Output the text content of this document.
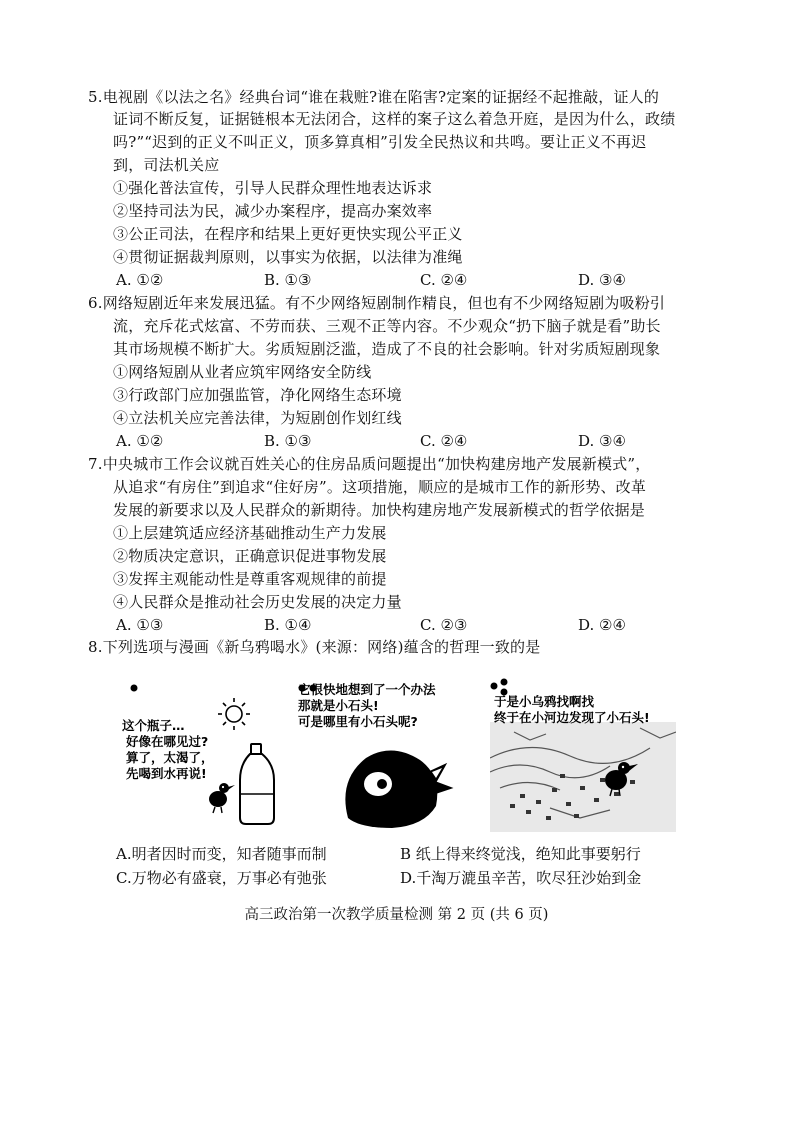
5.电视剧《以法之名》经典台词“谁在栽赃?谁在陷害?定案的证据经不起推敲，证人的
证词不断反复，证据链根本无法闭合，这样的案子这么着急开庭，是因为什么，政绩
吗?”“迟到的正义不叫正义，顶多算真相”引发全民热议和共鸣。要让正义不再迟
到，司法机关应
①强化普法宣传，引导人民群众理性地表达诉求
②坚持司法为民，减少办案程序，提高办案效率
③公正司法，在程序和结果上更好更快实现公平正义
④贯彻证据裁判原则，以事实为依据，以法律为准绳
A. ①②	B. ①③	C. ②④	D. ③④
6.网络短剧近年来发展迅猛。有不少网络短剧制作精良，但也有不少网络短剧为吸粉引
流，充斥花式炫富、不劳而获、三观不正等内容。不少观众“扔下脑子就是看”助长
其市场规模不断扩大。劣质短剧泛滥，造成了不良的社会影响。针对劣质短剧现象
①网络短剧从业者应筑牢网络安全防线
③行政部门应加强监管，净化网络生态环境
④立法机关应完善法律，为短剧创作划红线
A. ①②	B. ①③	C. ②④	D. ③④
7.中央城市工作会议就百姓关心的住房品质问题提出“加快构建房地产发展新模式”，
从追求“有房住”到追求“住好房”。这项措施，顺应的是城市工作的新形势、改革
发展的新要求以及人民群众的新期待。加快构建房地产发展新模式的哲学依据是
①上层建筑适应经济基础推动生产力发展
②物质决定意识，正确意识促进事物发展
③发挥主观能动性是尊重客观规律的前提
④人民群众是推动社会历史发展的决定力量
A. ①③	B. ①④	C. ②③	D. ②④
8.下列选项与漫画《新乌鸦喝水》(来源：网络)蕴含的哲理一致的是
这个瓶子…
好像在哪见过?
算了，太渴了，
先喝到水再说!
它很快地想到了一个办法
那就是小石头!
可是哪里有小石头呢?
于是小乌鸦找啊找
终于在小河边发现了小石头!
A.明者因时而变，知者随事而制	B 纸上得来终觉浅，绝知此事要躬行
C.万物必有盛衰，万事必有弛张	D.千淘万漉虽辛苦，吹尽狂沙始到金
高三政治第一次教学质量检测 第 2 页 (共 6 页)
